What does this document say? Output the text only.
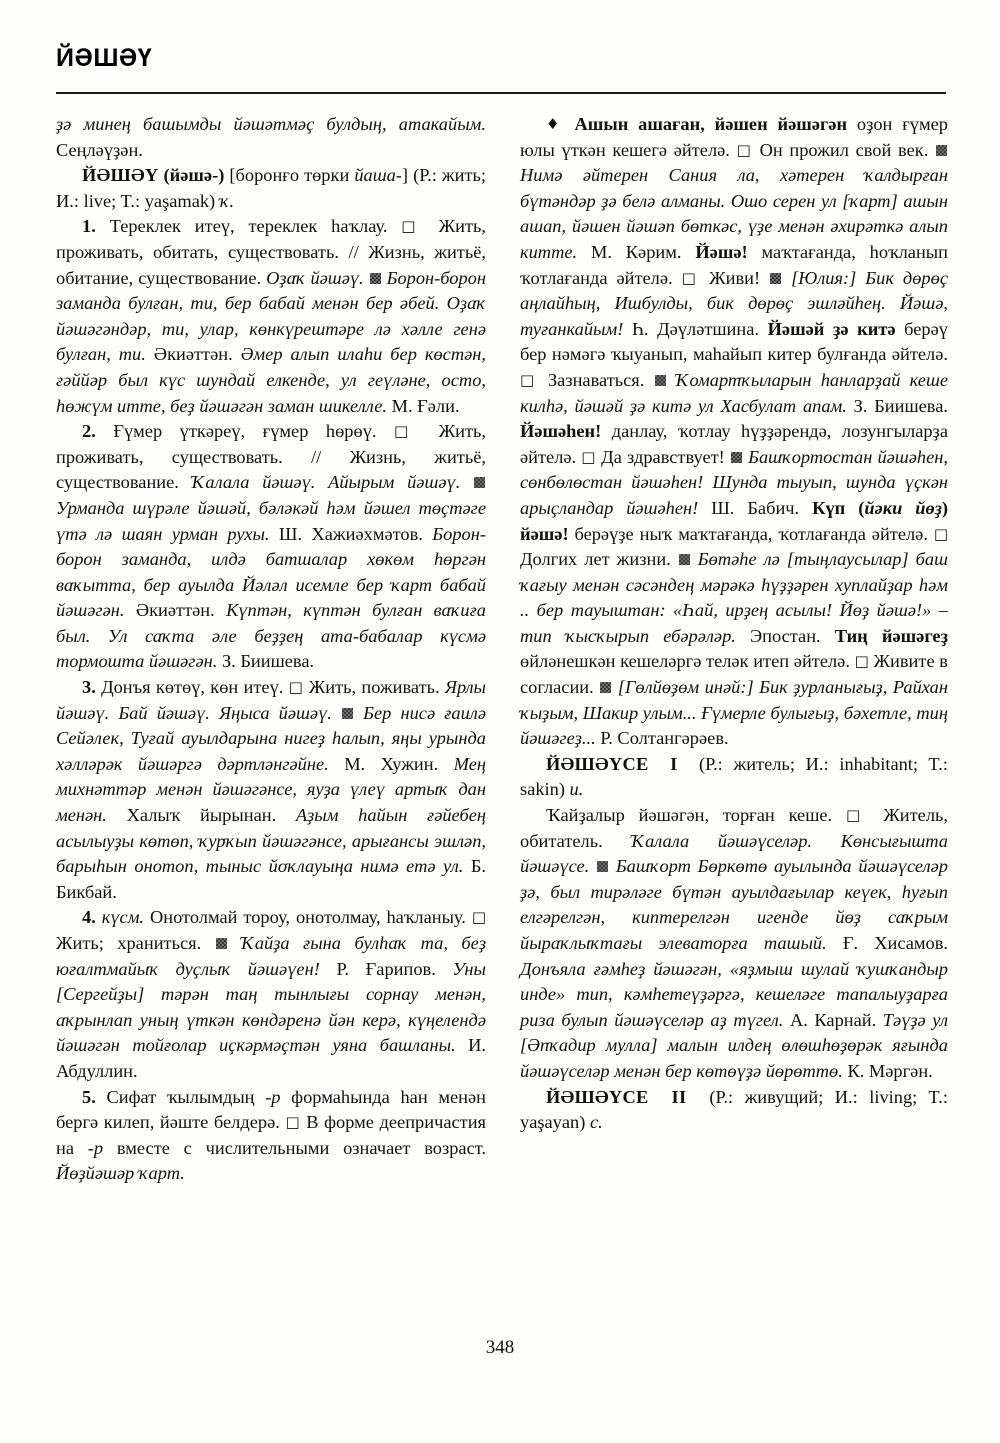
ЙӘШӘҮ

ҙә минең башымды йәшәтмәҫ булдың, атакайым. Сеңләүҙән.

ЙӘШӘҮ (йәшә-) [боронғо төрки йаша-] (Р.: жить; И.: live; T.: yaşamak) ҡ.

1. Тереклек итеү, тереклек һаҡлау. □ Жить, проживать, обитать, существовать. // Жизнь, житьё, обитание, существование. Оҙаҡ йәшәү.  Борон-борон заманда булған, ти, бер бабай менән бер әбей. Оҙаҡ йәшәгәндәр, ти, улар, көнкүрештәре лә хәлле генә булған, ти. Әкиәттән. Әмер алып илаһи бер көстән, ғәййәр был күс шундай елкенде, ул геүләне, осто, һөжүм итте, беҙ йәшәгән заман шикелле. М. Ғәли.

2. Ғүмер үткәреү, ғүмер һөрөү. □ Жить, проживать, существовать. // Жизнь, житьё, существование. Ҡалала йәшәү. Айырым йәшәү.  Урманда шүрәле йәшәй, бәләкәй һәм йәшел төҫтәге үтә лә шаян урман рухы. Ш. Хажиәхмәтов. Борон-борон заманда, илдә батшалар хөкөм һөргән ваҡытта, бер ауылда Йәләл исемле бер ҡарт бабай йәшәгән. Әкиәттән. Күптән, күптән булған ваҡиға был. Ул саҡта әле беҙҙең ата-бабалар күсмә тормошта йәшәгән. З. Биишева.

3. Донъя көтөү, көн итеү. □ Жить, поживать. Ярлы йәшәү. Бай йәшәү. Яңыса йәшәү.  Бер нисә ғаилә Сейәлек, Туғай ауылдарына нигеҙ һалып, яңы урында хәлләрәк йәшәргә дәртләнгәйне. М. Хужин. Мең михнәттәр менән йәшәгәнсе, яуҙа үлеү артыҡ дан менән. Халыҡ йырынан. Аҙым һайын ғәйебең асылыуҙы көтөп, ҡурҡып йәшәгәнсе, арығансы эшләп, барыһын онотоп, тыныс йоҡлауыңа нимә етә ул. Б. Бикбай.

4. күсм. Онотолмай тороу, онотолмау, һаҡланыу. □ Жить; храниться.  Ҡайҙа ғына булһаҡ та, беҙ юғалтмайыҡ дуҫлыҡ йәшәүен! Р. Ғарипов. Уны [Сергейҙы] тәрән таң тынлығы сорнау менән, аҡрынлап уның үткән көндәренә йән керә, күңелендә йәшәгән тойғолар иҫкәрмәҫтән уяна башланы. И. Абдуллин.

5. Сифат ҡылымдың -р формаһында һан менән бергә килеп, йәште белдерә. □ В форме деепричастия на -р вместе с числительными означает возраст. Йөҙйәшәр ҡарт.

♦ Ашын ашаған, йәшен йәшәгән оҙон ғүмер юлы үткән кешегә әйтелә. □ Он прожил свой век.  Нимә әйтерен Сания ла, хәтерен ҡалдырған бүтәндәр ҙә белә алманы. Ошо серен ул [ҡарт] ашын ашап, йәшен йәшәп бөткәс, үҙе менән әхирәткә алып китте. М. Кәрим. Йәшә! маҡтағанда, һоҡланып ҡотлағанда әйтелә. □ Живи!  [Юлия:] Бик дөрөҫ аңлайһың, Ишбулды, бик дөрөҫ эшләйһең. Йәшә, туғанкайым! Һ. Дәүләтшина. Йәшәй ҙә китә берәү бер нәмәгә ҡыуанып, маһайып китер булғанда әйтелә. □ Зазнаваться.  Ҡомартҡыларын һанларҙай кеше килһә, йәшәй ҙә китә ул Хасбулат апам. З. Биишева. Йәшәһен! данлау, ҡотлау һүҙҙәрендә, лозунгыларҙа әйтелә. □ Да здравствует!  Башҡортостан йәшәһен, сөнбөлөстан йәшәһен! Шунда тыуып, шунда үҫкән арыҫландар йәшәһен! Ш. Бабич. Күп (йәки йөҙ) йәшә! берәүҙе ныҡ маҡтағанда, ҡотлағанда әйтелә. □ Долгих лет жизни.  Бөтәһе лә [тыңлаусылар] баш ҡағыу менән сәсәндең мәрәкә һүҙҙәрен хуплайҙар һәм .. бер тауыштан: «Һай, ирҙең асылы! Йөҙ йәшә!» – тип ҡысҡырып ебәрәләр. Эпостан. Тиң йәшәгеҙ өйләнешкән кешеләргә теләк итеп әйтелә. □ Живите в согласии.  [Гөлйөҙөм инәй:] Бик ҙурланығыҙ, Райхан ҡыҙым, Шакир улым... Ғүмерле булығыҙ, бәхетле, тиң йәшәгеҙ... Р. Солтангәрәев.

ЙӘШӘҮСЕ I (Р.: житель; И.: inhabitant; T.: sakin) и.

Ҡайҙалыр йәшәгән, торған кеше. □ Житель, обитатель. Ҡалала йәшәүселәр. Көнсығышта йәшәүсе.  Башҡорт Бөркөтө ауылында йәшәүселәр ҙә, был тирәләге бүтән ауылдағылар кеүек, һуғып елгәрелгән, киптерелгән игенде йөҙ саҡрым йыраҡлыҡтағы элеваторға ташый. Ғ. Хисамов. Донъяла ғәмһеҙ йәшәгән, «яҙмыш шулай ҡушҡандыр инде» тип, кәмһетеүҙәргә, кешеләге тапалыуҙарға риза булып йәшәүселәр аҙ түгел. А. Карнай. Тәүҙә ул [Әпҡадир мулла] малын илдең өлөшһөҙөрәк яғында йәшәүселәр менән бер көтөүҙә йөрөттө. К. Мәргән.

ЙӘШӘҮСЕ II (Р.: живущий; И.: living; T.: yaşayan) с.

348
